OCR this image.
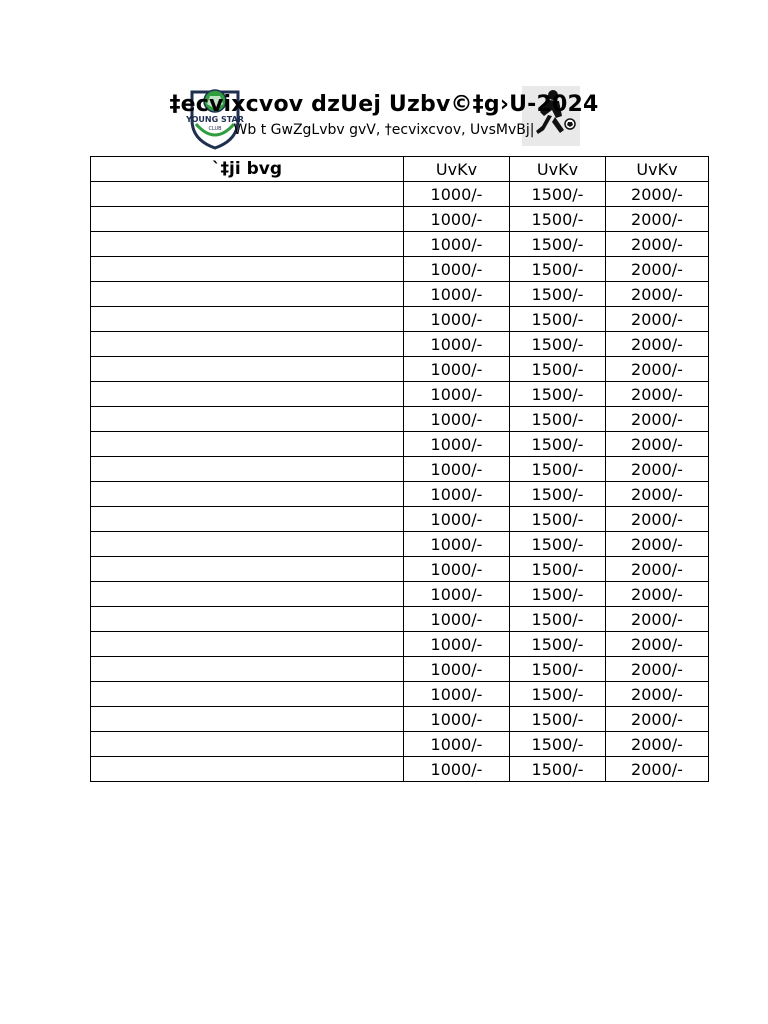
YOUNG STAR
CLUB
‡ecvixcvov dzUej Uzbv©‡g›U-2024
Wb t GwZgLvbv gvV, †ecvixcvov, UvsMvBj|
`‡ji bvg	UvKv	UvKv	UvKv
	1000/-	1500/-	2000/-
	1000/-	1500/-	2000/-
	1000/-	1500/-	2000/-
	1000/-	1500/-	2000/-
	1000/-	1500/-	2000/-
	1000/-	1500/-	2000/-
	1000/-	1500/-	2000/-
	1000/-	1500/-	2000/-
	1000/-	1500/-	2000/-
	1000/-	1500/-	2000/-
	1000/-	1500/-	2000/-
	1000/-	1500/-	2000/-
	1000/-	1500/-	2000/-
	1000/-	1500/-	2000/-
	1000/-	1500/-	2000/-
	1000/-	1500/-	2000/-
	1000/-	1500/-	2000/-
	1000/-	1500/-	2000/-
	1000/-	1500/-	2000/-
	1000/-	1500/-	2000/-
	1000/-	1500/-	2000/-
	1000/-	1500/-	2000/-
	1000/-	1500/-	2000/-
	1000/-	1500/-	2000/-
